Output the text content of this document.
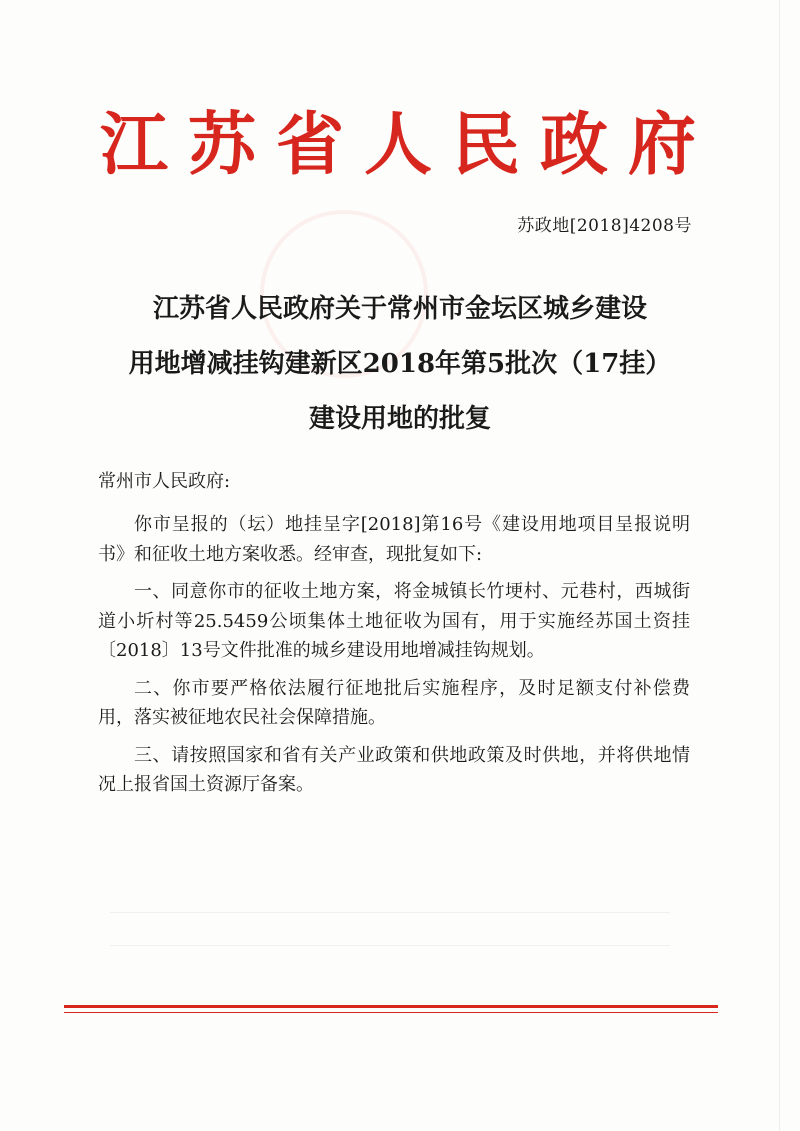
江苏省人民政府
苏政地[2018]4208号
江苏省人民政府关于常州市金坛区城乡建设
用地增减挂钩建新区2018年第5批次（17挂）
建设用地的批复
常州市人民政府:

你市呈报的（坛）地挂呈字[2018]第16号《建设用地项目呈报说明书》和征收土地方案收悉。经审查，现批复如下:

一、同意你市的征收土地方案，将金城镇长竹埂村、元巷村，西城街道小圻村等25.5459公顷集体土地征收为国有，用于实施经苏国土资挂〔2018〕13号文件批准的城乡建设用地增减挂钩规划。

二、你市要严格依法履行征地批后实施程序，及时足额支付补偿费用，落实被征地农民社会保障措施。

三、请按照国家和省有关产业政策和供地政策及时供地，并将供地情况上报省国土资源厅备案。
